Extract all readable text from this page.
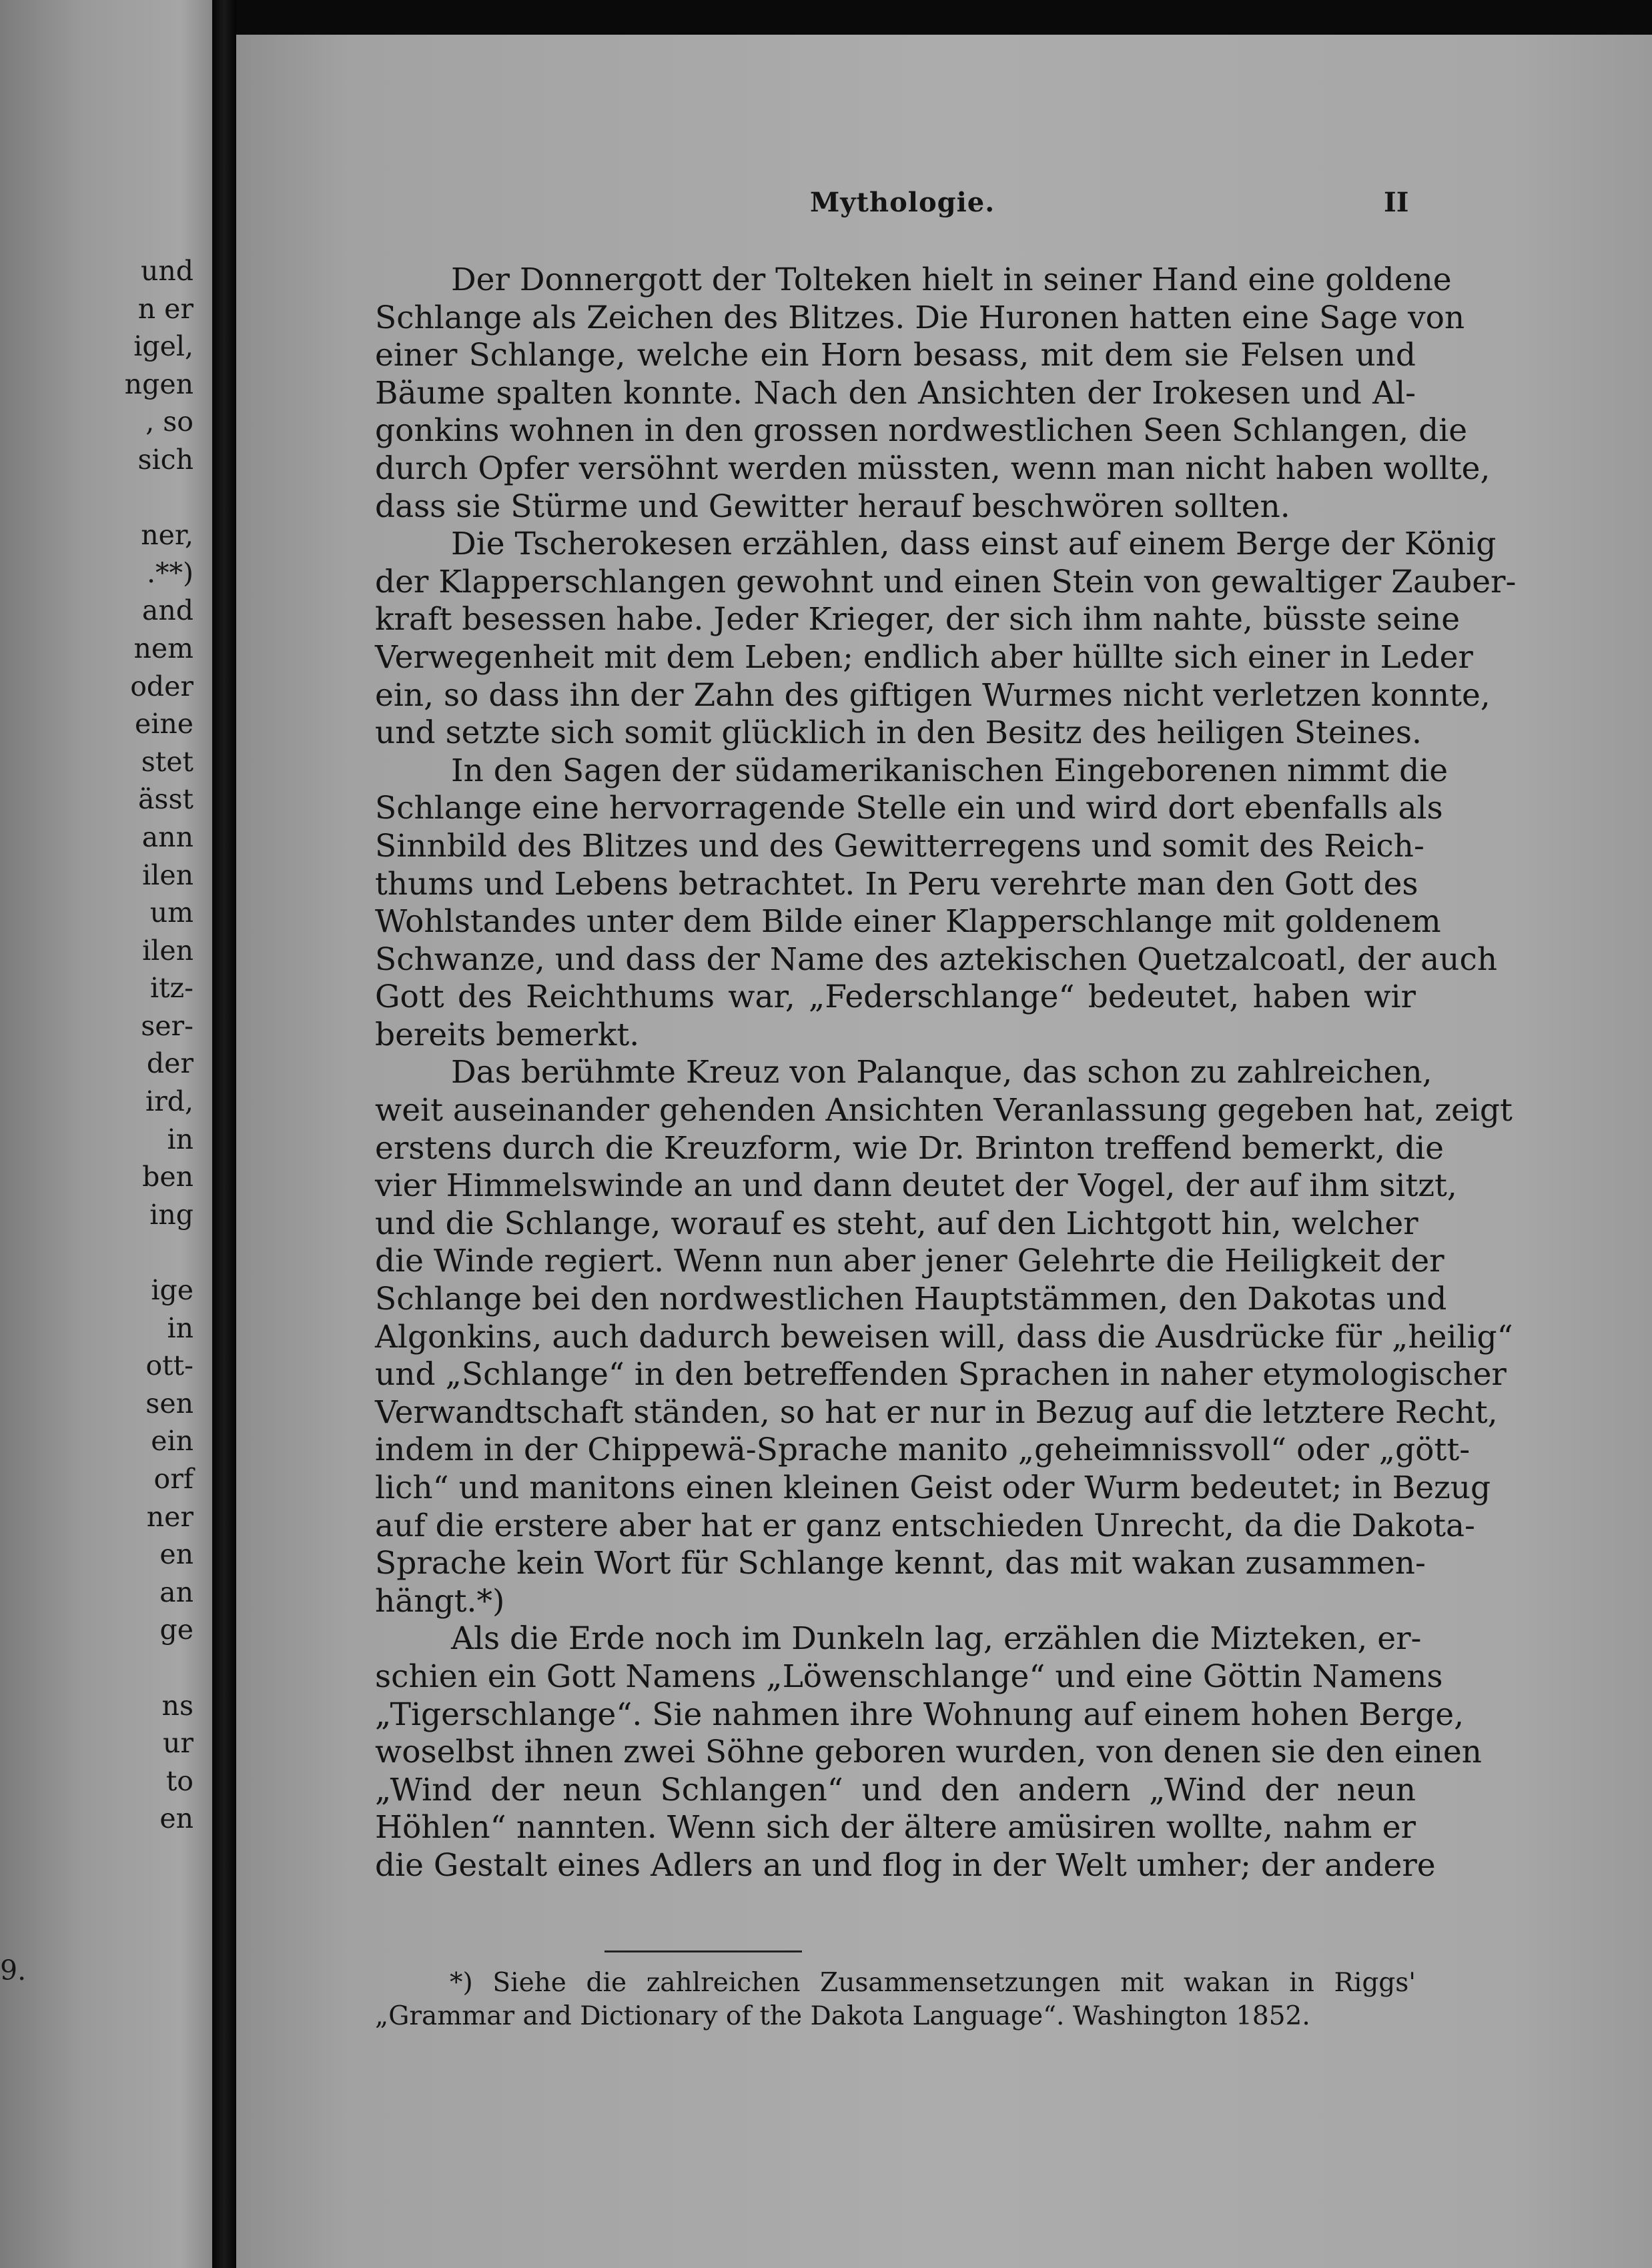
und
n er
igel,
ngen
, so
sich
ner,
.**)
and
nem
oder
eine
stet
ässt
ann
ilen
um
ilen
itz-
ser-
der
ird,
in
ben
ing
ige
in
ott-
sen
ein
orf
ner
en
an
ge
ns
ur
to
en
9.
Mythologie.	II
Der Donnergott der Tolteken hielt in seiner Hand eine goldene
Schlange als Zeichen des Blitzes. Die Huronen hatten eine Sage von
einer Schlange, welche ein Horn besass, mit dem sie Felsen und
Bäume spalten konnte. Nach den Ansichten der Irokesen und Al-
gonkins wohnen in den grossen nordwestlichen Seen Schlangen, die
durch Opfer versöhnt werden müssten, wenn man nicht haben wollte,
dass sie Stürme und Gewitter herauf beschwören sollten.
Die Tscherokesen erzählen, dass einst auf einem Berge der König
der Klapperschlangen gewohnt und einen Stein von gewaltiger Zauber-
kraft besessen habe. Jeder Krieger, der sich ihm nahte, büsste seine
Verwegenheit mit dem Leben; endlich aber hüllte sich einer in Leder
ein, so dass ihn der Zahn des giftigen Wurmes nicht verletzen konnte,
und setzte sich somit glücklich in den Besitz des heiligen Steines.
In den Sagen der südamerikanischen Eingeborenen nimmt die
Schlange eine hervorragende Stelle ein und wird dort ebenfalls als
Sinnbild des Blitzes und des Gewitterregens und somit des Reich-
thums und Lebens betrachtet. In Peru verehrte man den Gott des
Wohlstandes unter dem Bilde einer Klapperschlange mit goldenem
Schwanze, und dass der Name des aztekischen Quetzalcoatl, der auch
Gott des Reichthums war, „Federschlange“ bedeutet, haben wir
bereits bemerkt.
Das berühmte Kreuz von Palanque, das schon zu zahlreichen,
weit auseinander gehenden Ansichten Veranlassung gegeben hat, zeigt
erstens durch die Kreuzform, wie Dr. Brinton treffend bemerkt, die
vier Himmelswinde an und dann deutet der Vogel, der auf ihm sitzt,
und die Schlange, worauf es steht, auf den Lichtgott hin, welcher
die Winde regiert. Wenn nun aber jener Gelehrte die Heiligkeit der
Schlange bei den nordwestlichen Hauptstämmen, den Dakotas und
Algonkins, auch dadurch beweisen will, dass die Ausdrücke für „heilig“
und „Schlange“ in den betreffenden Sprachen in naher etymologischer
Verwandtschaft ständen, so hat er nur in Bezug auf die letztere Recht,
indem in der Chippewä-Sprache manito „geheimnissvoll“ oder „gött-
lich“ und manitons einen kleinen Geist oder Wurm bedeutet; in Bezug
auf die erstere aber hat er ganz entschieden Unrecht, da die Dakota-
Sprache kein Wort für Schlange kennt, das mit wakan zusammen-
hängt.*)
Als die Erde noch im Dunkeln lag, erzählen die Mizteken, er-
schien ein Gott Namens „Löwenschlange“ und eine Göttin Namens
„Tigerschlange“. Sie nahmen ihre Wohnung auf einem hohen Berge,
woselbst ihnen zwei Söhne geboren wurden, von denen sie den einen
„Wind der neun Schlangen“ und den andern „Wind der neun
Höhlen“ nannten. Wenn sich der ältere amüsiren wollte, nahm er
die Gestalt eines Adlers an und flog in der Welt umher; der andere
*) Siehe die zahlreichen Zusammensetzungen mit wakan in Riggs'
„Grammar and Dictionary of the Dakota Language“. Washington 1852.
